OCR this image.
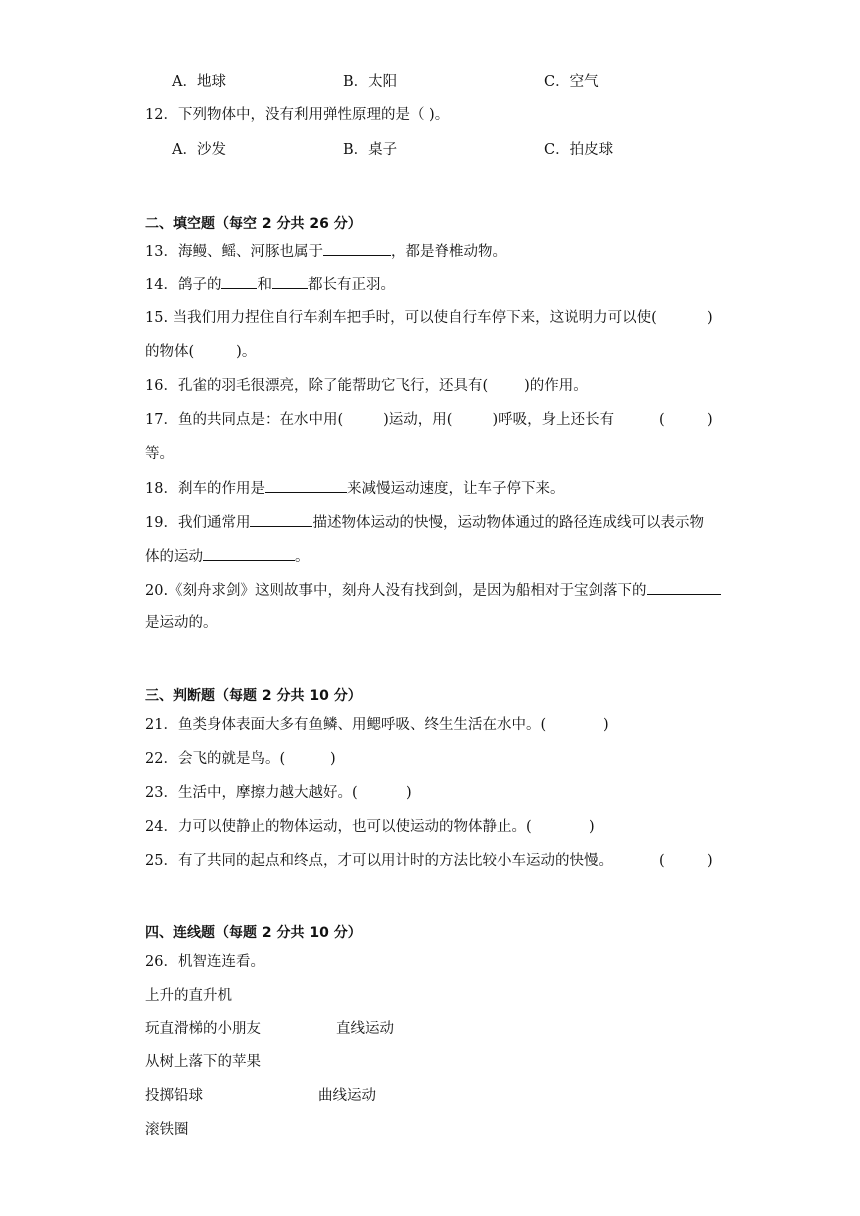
A．地球	B．太阳	C．空气
12．下列物体中，没有利用弹性原理的是（ )。
A．沙发	B．桌子	C．拍皮球
二、填空题（每空 2 分共 26 分）
13．海鳗、鳐、河豚也属于	，都是脊椎动物。
14．鸽子的 和 都长有正羽。
15. 当我们用力捏住自行车刹车把手时，可以使自行车停下来，这说明力可以使(	)
的物体(	)。
16．孔雀的羽毛很漂亮，除了能帮助它飞行，还具有( )的作用。
17．鱼的共同点是：在水中用(	)运动，用(	)呼吸，身上还长有	(	)
等。
18．刹车的作用是	来减慢运动速度，让车子停下来。
19．我们通常用	描述物体运动的快慢，运动物体通过的路径连成线可以表示物
体的运动	。
20.《刻舟求剑》这则故事中，刻舟人没有找到剑，是因为船相对于宝剑落下的
是运动的。
三、判断题（每题 2 分共 10 分）
21．鱼类身体表面大多有鱼鳞、用鳃呼吸、终生生活在水中。(	)
22．会飞的就是鸟。(	)
23．生活中，摩擦力越大越好。(	)
24．力可以使静止的物体运动，也可以使运动的物体静止。(	)
25．有了共同的起点和终点，才可以用计时的方法比较小车运动的快慢。	(	)
四、连线题（每题 2 分共 10 分）
26．机智连连看。
上升的直升机
玩直滑梯的小朋友	直线运动
从树上落下的苹果
投掷铅球	曲线运动
滚铁圈
